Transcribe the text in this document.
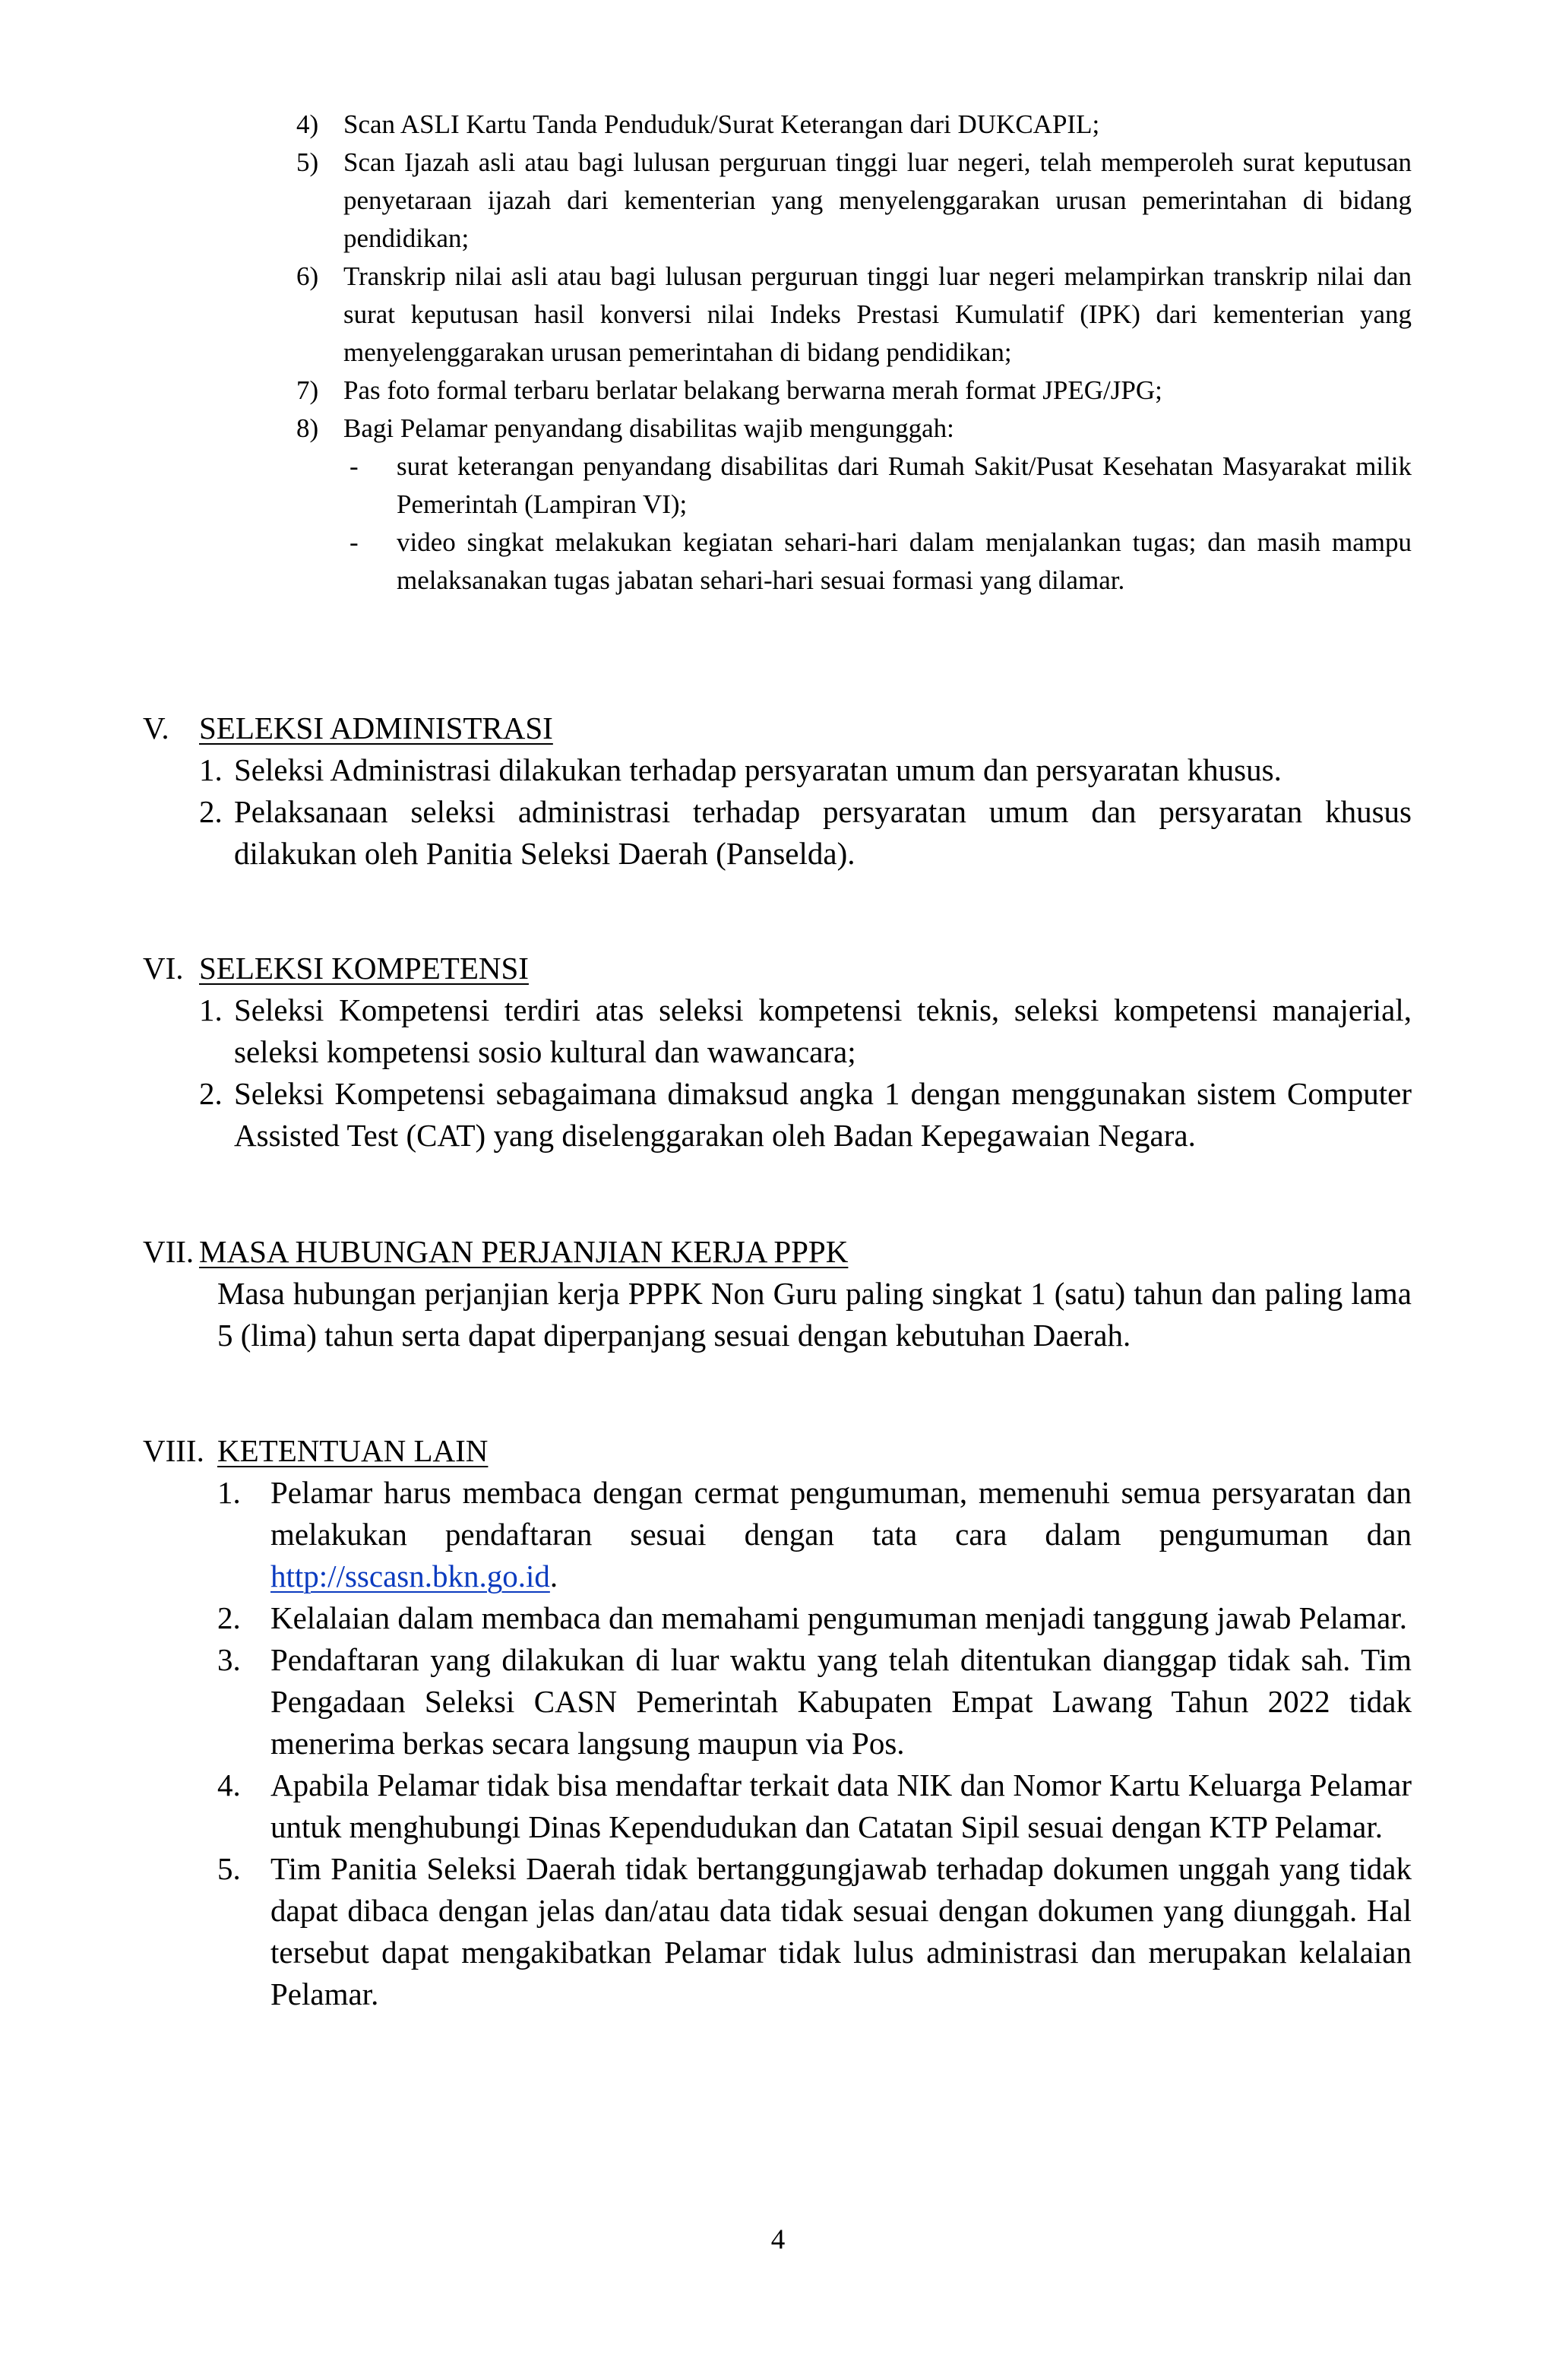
4) Scan ASLI Kartu Tanda Penduduk/Surat Keterangan dari DUKCAPIL;
5) Scan Ijazah asli atau bagi lulusan perguruan tinggi luar negeri, telah memperoleh surat keputusan penyetaraan ijazah dari kementerian yang menyelenggarakan urusan pemerintahan di bidang pendidikan;
6) Transkrip nilai asli atau bagi lulusan perguruan tinggi luar negeri melampirkan transkrip nilai dan surat keputusan hasil konversi nilai Indeks Prestasi Kumulatif (IPK) dari kementerian yang menyelenggarakan urusan pemerintahan di bidang pendidikan;
7) Pas foto formal terbaru berlatar belakang berwarna merah format JPEG/JPG;
8) Bagi Pelamar penyandang disabilitas wajib mengunggah:
-	surat keterangan penyandang disabilitas dari Rumah Sakit/Pusat Kesehatan Masyarakat milik Pemerintah (Lampiran VI);
-	video singkat melakukan kegiatan sehari-hari dalam menjalankan tugas; dan masih mampu melaksanakan tugas jabatan sehari-hari sesuai formasi yang dilamar.
V. SELEKSI ADMINISTRASI
1. Seleksi Administrasi dilakukan terhadap persyaratan umum dan persyaratan khusus.
2. Pelaksanaan seleksi administrasi terhadap persyaratan umum dan persyaratan khusus dilakukan oleh Panitia Seleksi Daerah (Panselda).
VI. SELEKSI KOMPETENSI
1. Seleksi Kompetensi terdiri atas seleksi kompetensi teknis, seleksi kompetensi manajerial, seleksi kompetensi sosio kultural dan wawancara;
2. Seleksi Kompetensi sebagaimana dimaksud angka 1 dengan menggunakan sistem Computer Assisted Test (CAT) yang diselenggarakan oleh Badan Kepegawaian Negara.
VII. MASA HUBUNGAN PERJANJIAN KERJA PPPK
Masa hubungan perjanjian kerja PPPK Non Guru paling singkat 1 (satu) tahun dan paling lama 5 (lima) tahun serta dapat diperpanjang sesuai dengan kebutuhan Daerah.
VIII. KETENTUAN LAIN
1. Pelamar harus membaca dengan cermat pengumuman, memenuhi semua persyaratan dan melakukan pendaftaran sesuai dengan tata cara dalam pengumuman dan http://sscasn.bkn.go.id.
2. Kelalaian dalam membaca dan memahami pengumuman menjadi tanggung jawab Pelamar.
3. Pendaftaran yang dilakukan di luar waktu yang telah ditentukan dianggap tidak sah. Tim Pengadaan Seleksi CASN Pemerintah Kabupaten Empat Lawang Tahun 2022 tidak menerima berkas secara langsung maupun via Pos.
4. Apabila Pelamar tidak bisa mendaftar terkait data NIK dan Nomor Kartu Keluarga Pelamar untuk menghubungi Dinas Kependudukan dan Catatan Sipil sesuai dengan KTP Pelamar.
5. Tim Panitia Seleksi Daerah tidak bertanggungjawab terhadap dokumen unggah yang tidak dapat dibaca dengan jelas dan/atau data tidak sesuai dengan dokumen yang diunggah. Hal tersebut dapat mengakibatkan Pelamar tidak lulus administrasi dan merupakan kelalaian Pelamar.
4
